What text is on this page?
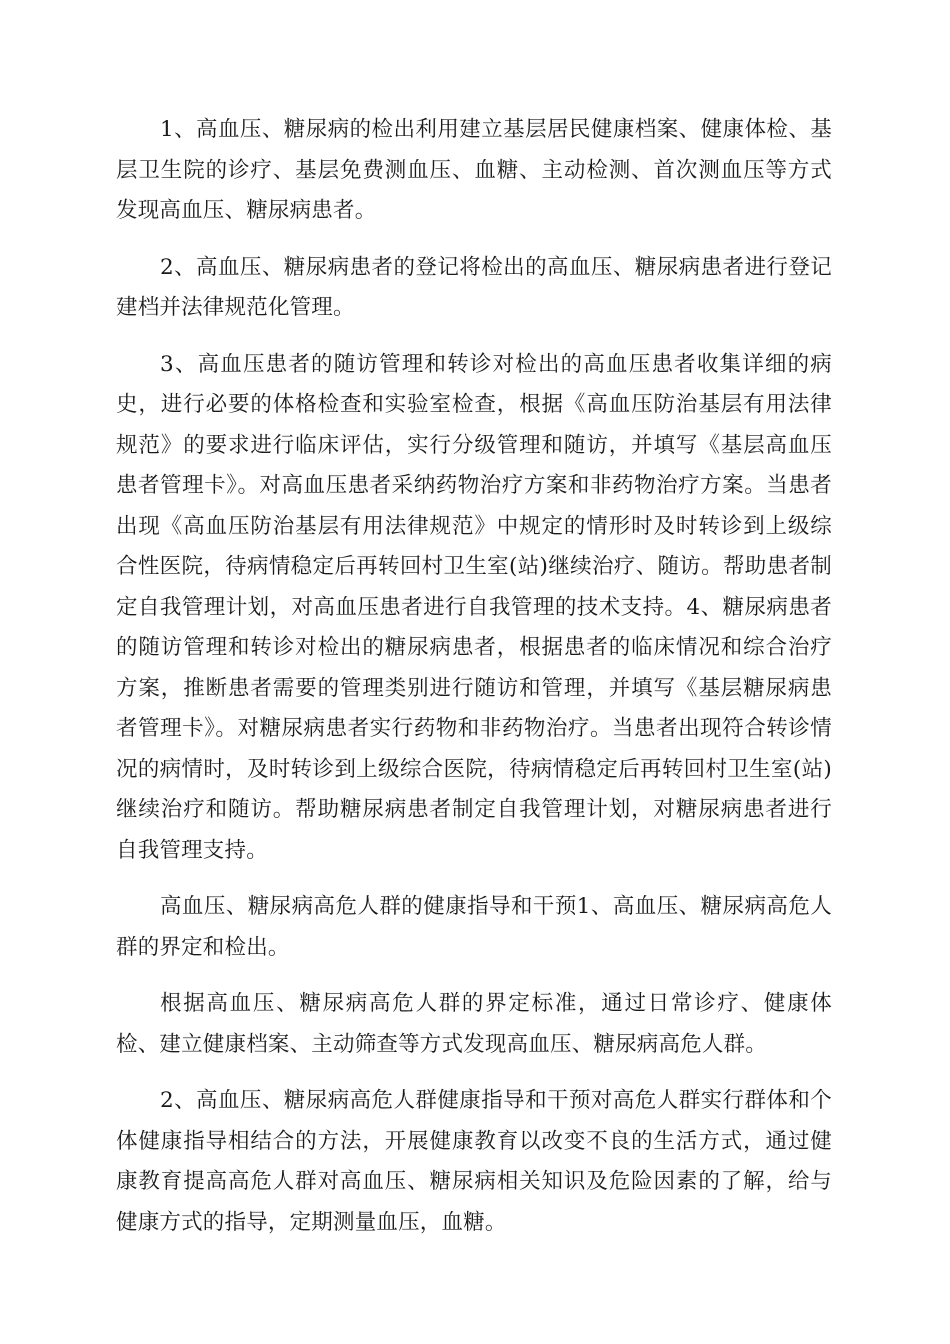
1、高血压、糖尿病的检出利用建立基层居民健康档案、健康体检、基层卫生院的诊疗、基层免费测血压、血糖、主动检测、首次测血压等方式发现高血压、糖尿病患者。

2、高血压、糖尿病患者的登记将检出的高血压、糖尿病患者进行登记建档并法律规范化管理。

3、高血压患者的随访管理和转诊对检出的高血压患者收集详细的病史，进行必要的体格检查和实验室检查，根据《高血压防治基层有用法律规范》的要求进行临床评估，实行分级管理和随访，并填写《基层高血压患者管理卡》。对高血压患者采纳药物治疗方案和非药物治疗方案。当患者出现《高血压防治基层有用法律规范》中规定的情形时及时转诊到上级综合性医院，待病情稳定后再转回村卫生室(站)继续治疗、随访。帮助患者制定自我管理计划，对高血压患者进行自我管理的技术支持。4、糖尿病患者的随访管理和转诊对检出的糖尿病患者，根据患者的临床情况和综合治疗方案，推断患者需要的管理类别进行随访和管理，并填写《基层糖尿病患者管理卡》。对糖尿病患者实行药物和非药物治疗。当患者出现符合转诊情况的病情时，及时转诊到上级综合医院，待病情稳定后再转回村卫生室(站)继续治疗和随访。帮助糖尿病患者制定自我管理计划，对糖尿病患者进行自我管理支持。

高血压、糖尿病高危人群的健康指导和干预1、高血压、糖尿病高危人群的界定和检出。

根据高血压、糖尿病高危人群的界定标准，通过日常诊疗、健康体检、建立健康档案、主动筛查等方式发现高血压、糖尿病高危人群。

2、高血压、糖尿病高危人群健康指导和干预对高危人群实行群体和个体健康指导相结合的方法，开展健康教育以改变不良的生活方式，通过健康教育提高高危人群对高血压、糖尿病相关知识及危险因素的了解，给与健康方式的指导，定期测量血压，血糖。
